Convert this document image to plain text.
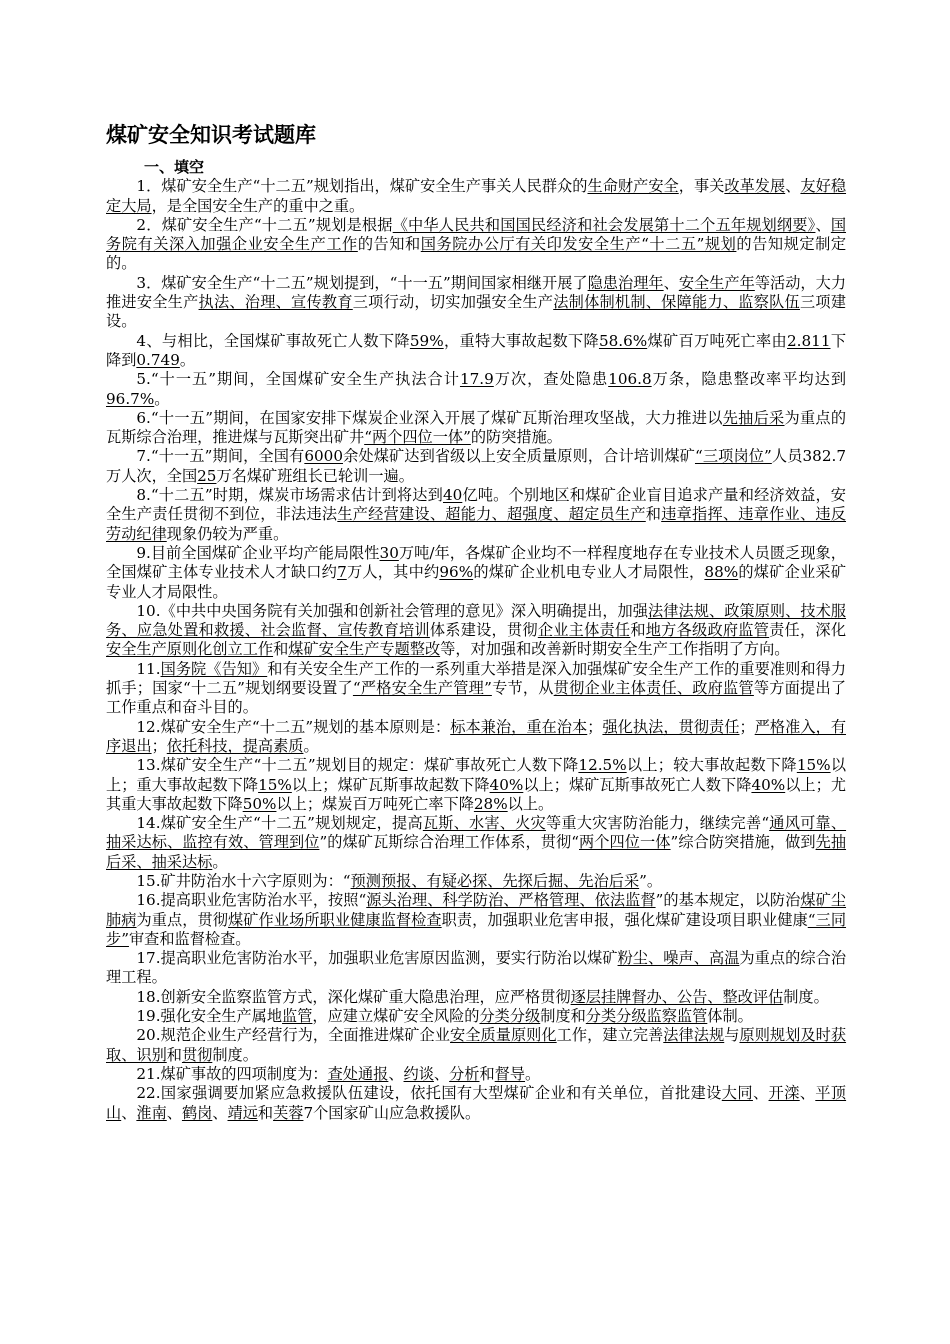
煤矿安全知识考试题库

一、填空

1．煤矿安全生产“十二五”规划指出，煤矿安全生产事关人民群众的生命财产安全，事关改革发展、友好稳定大局，是全国安全生产的重中之重。

2．煤矿安全生产“十二五”规划是根据《中华人民共和国国民经济和社会发展第十二个五年规划纲要》、国务院有关深入加强企业安全生产工作的告知和国务院办公厅有关印发安全生产“十二五”规划的告知规定制定的。

3．煤矿安全生产“十二五”规划提到，“十一五”期间国家相继开展了隐患治理年、安全生产年等活动，大力推进安全生产执法、治理、宣传教育三项行动，切实加强安全生产法制体制机制、保障能力、监察队伍三项建设。

4、与相比，全国煤矿事故死亡人数下降59%，重特大事故起数下降58.6%煤矿百万吨死亡率由2.811下降到0.749。

5.“十一五”期间，全国煤矿安全生产执法合计17.9万次，查处隐患106.8万条，隐患整改率平均达到96.7%。

6.“十一五”期间，在国家安排下煤炭企业深入开展了煤矿瓦斯治理攻坚战，大力推进以先抽后采为重点的瓦斯综合治理，推进煤与瓦斯突出矿井“两个四位一体”的防突措施。

7.“十一五”期间，全国有6000余处煤矿达到省级以上安全质量原则，合计培训煤矿“三项岗位”人员382.7万人次，全国25万名煤矿班组长已轮训一遍。

8.“十二五”时期，煤炭市场需求估计到将达到40亿吨。个别地区和煤矿企业盲目追求产量和经济效益，安全生产责任贯彻不到位，非法违法生产经营建设、超能力、超强度、超定员生产和违章指挥、违章作业、违反劳动纪律现象仍较为严重。

9.目前全国煤矿企业平均产能局限性30万吨/年，各煤矿企业均不一样程度地存在专业技术人员匮乏现象，全国煤矿主体专业技术人才缺口约7万人，其中约96%的煤矿企业机电专业人才局限性，88%的煤矿企业采矿专业人才局限性。

10.《中共中央国务院有关加强和创新社会管理的意见》深入明确提出，加强法律法规、政策原则、技术服务、应急处置和救援、社会监督、宣传教育培训体系建设，贯彻企业主体责任和地方各级政府监管责任，深化安全生产原则化创立工作和煤矿安全生产专题整改等，对加强和改善新时期安全生产工作指明了方向。

11.国务院《告知》和有关安全生产工作的一系列重大举措是深入加强煤矿安全生产工作的重要准则和得力抓手；国家“十二五”规划纲要设置了“严格安全生产管理”专节，从贯彻企业主体责任、政府监管等方面提出了工作重点和奋斗目的。

12.煤矿安全生产“十二五”规划的基本原则是：标本兼治，重在治本；强化执法，贯彻责任；严格准入，有序退出；依托科技，提高素质。

13.煤矿安全生产“十二五”规划目的规定：煤矿事故死亡人数下降12.5%以上；较大事故起数下降15%以上；重大事故起数下降15%以上；煤矿瓦斯事故起数下降40%以上；煤矿瓦斯事故死亡人数下降40%以上；尤其重大事故起数下降50%以上；煤炭百万吨死亡率下降28%以上。

14.煤矿安全生产“十二五”规划规定，提高瓦斯、水害、火灾等重大灾害防治能力，继续完善“通风可靠、抽采达标、监控有效、管理到位”的煤矿瓦斯综合治理工作体系，贯彻“两个四位一体”综合防突措施，做到先抽后采、抽采达标。

15.矿井防治水十六字原则为：“预测预报、有疑必探、先探后掘、先治后采”。

16.提高职业危害防治水平，按照“源头治理、科学防治、严格管理、依法监督”的基本规定，以防治煤矿尘肺病为重点，贯彻煤矿作业场所职业健康监督检查职责，加强职业危害申报，强化煤矿建设项目职业健康“三同步”审查和监督检查。

17.提高职业危害防治水平，加强职业危害原因监测，要实行防治以煤矿粉尘、噪声、高温为重点的综合治理工程。

18.创新安全监察监管方式，深化煤矿重大隐患治理，应严格贯彻逐层挂牌督办、公告、整改评估制度。

19.强化安全生产属地监管，应建立煤矿安全风险的分类分级制度和分类分级监察监管体制。

20.规范企业生产经营行为，全面推进煤矿企业安全质量原则化工作，建立完善法律法规与原则规划及时获取、识别和贯彻制度。

21.煤矿事故的四项制度为：查处通报、约谈、分析和督导。

22.国家强调要加紧应急救援队伍建设，依托国有大型煤矿企业和有关单位，首批建设大同、开滦、平顶山、淮南、鹤岗、靖远和芙蓉7个国家矿山应急救援队。
